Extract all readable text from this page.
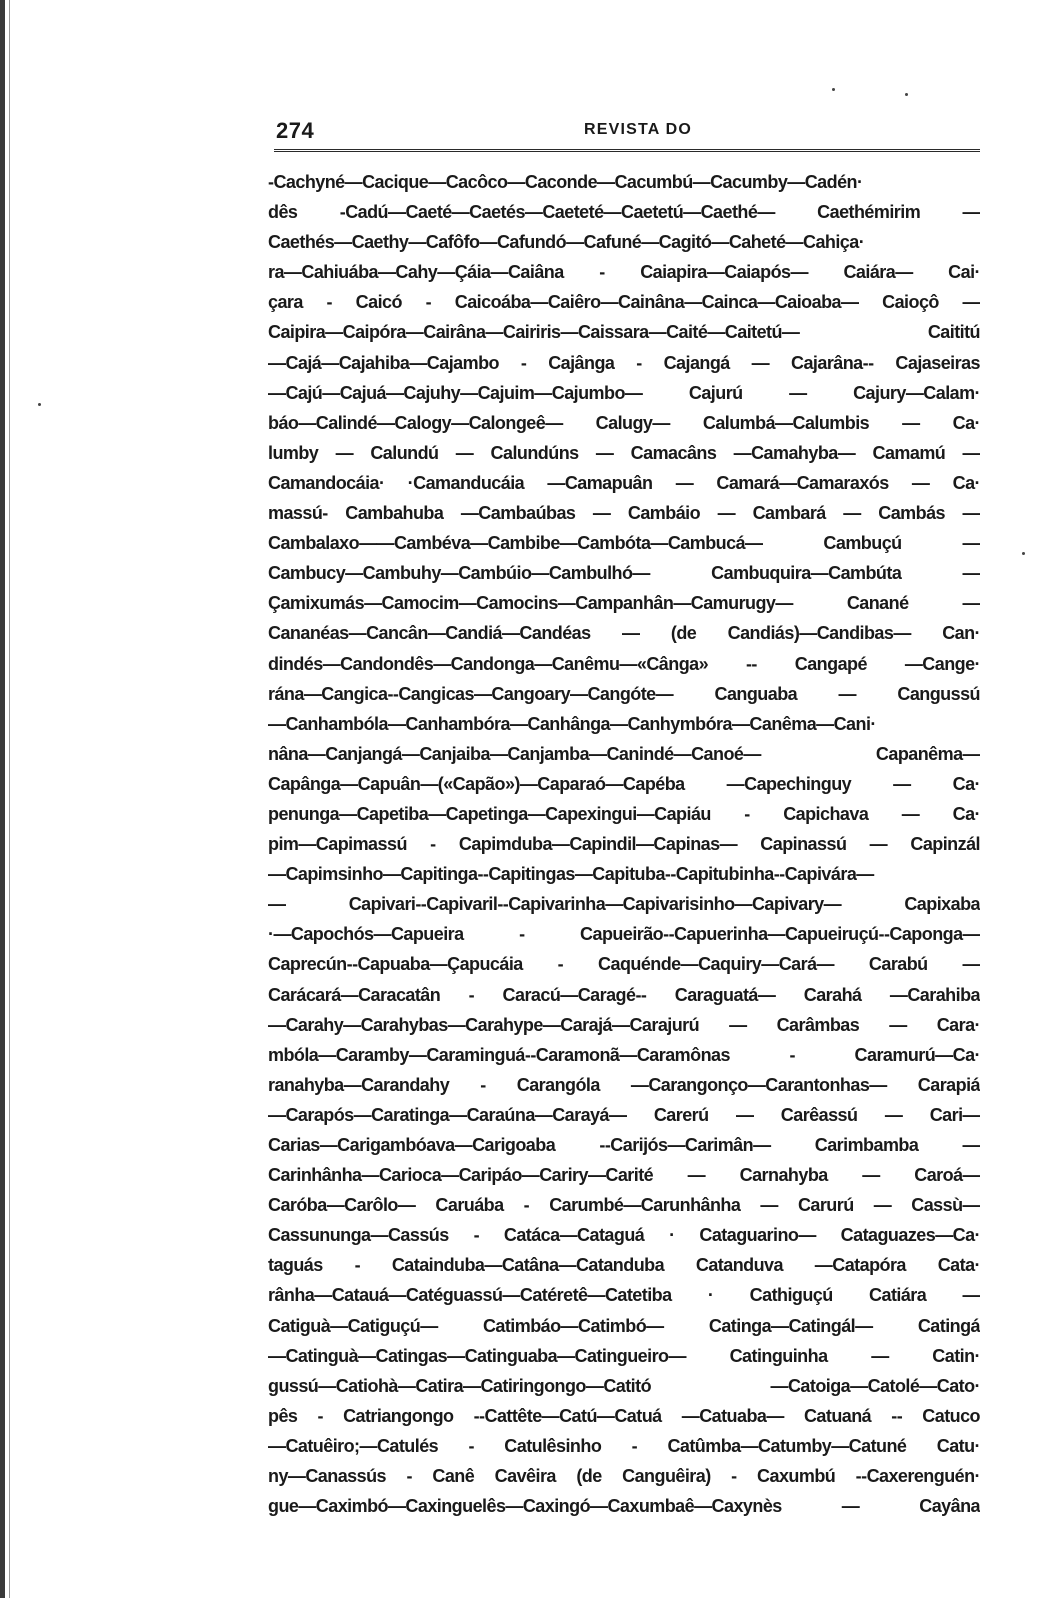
274	REVISTA DO
-Cachyné—Cacique—Cacôco—Caconde—Cacumbú—Cacumby—Cadén·
dês -Cadú—Caeté—Caetés—Caeteté—Caetetú—Caethé— Caethémirim —
Caethés—Caethy—Cafôfo—Cafundó—Cafuné—Cagitó—Caheté—Cahiça·
ra—Cahiuába—Cahy—Çáia—Caiâna - Caiapira—Caiapós— Caiára— Cai·
çara - Caicó - Caicoába—Caiêro—Cainâna—Cainca—Caioaba— Caioçô —
Caipira—Caipóra—Cairâna—Cairiris—Caissara—Caité—Caitetú— Caititú
—Cajá—Cajahiba—Cajambo - Cajânga - Cajangá — Cajarâna-- Cajaseiras
—Cajú—Cajuá—Cajuhy—Cajuim—Cajumbo— Cajurú — Cajury—Calam·
báo—Calindé—Calogy—Calongeê— Calugy— Calumbá—Calumbis — Ca·
lumby — Calundú — Calundúns — Camacâns —Camahyba— Camamú —
Camandocáia· ·Camanducáia —Camapuân — Camará—Camaraxós — Ca·
massú- Cambahuba —Cambaúbas — Cambáio — Cambará — Cambás —
Cambalaxo——Cambéva—Cambibe—Cambóta—Cambucá— Cambuçú —
Cambucy—Cambuhy—Cambúio—Cambulhó— Cambuquira—Cambúta —
Çamixumás—Camocim—Camocins—Campanhân—Camurugy— Canané —
Cananéas—Cancân—Candiá—Candéas — (de Candiás)—Candibas— Can·
dindés—Candondês—Candonga—Canêmu—«Cânga» -- Cangapé —Cange·
rána—Cangica--Cangicas—Cangoary—Cangóte— Canguaba — Cangussú
—Canhambóla—Canhambóra—Canhânga—Canhymbóra—Canêma—Cani·
nâna—Canjangá—Canjaiba—Canjamba—Canindé—Canoé— Capanêma—
Capânga—Capuân—(«Capão»)—Caparaó—Capéba —Capechinguy — Ca·
penunga—Capetiba—Capetinga—Capexingui—Capiáu - Capichava — Ca·
pim—Capimassú - Capimduba—Capindil—Capinas— Capinassú — Capinzál
—Capimsinho—Capitinga--Capitingas—Capituba--Capitubinha--Capivára—
— Capivari--Capivaril--Capivarinha—Capivarisinho—Capivary— Capixaba
·—Capochós—Capueira - Capueirão--Capuerinha—Capueiruçú--Caponga—
Caprecún--Capuaba—Çapucáia - Caquénde—Caquiry—Cará— Carabú —
Carácará—Caracatân - Caracú—Caragé-- Caraguatá— Carahá —Carahiba
—Carahy—Carahybas—Carahype—Carajá—Carajurú — Carâmbas — Cara·
mbóla—Caramby—Caraminguá--Caramonã—Caramônas - Caramurú—Ca·
ranahyba—Carandahy - Carangóla —Carangonço—Carantonhas— Carapiá
—Carapós—Caratinga—Caraúna—Carayá— Carerú — Carêassú — Cari—
Carias—Carigambóava—Carigoaba --Carijós—Carimân— Carimbamba —
Carinhânha—Carioca—Caripáo—Cariry—Carité — Carnahyba — Caroá—
Caróba—Carôlo— Caruába - Carumbé—Carunhânha — Carurú — Cassù—
Cassununga—Cassús - Catáca—Cataguá · Cataguarino— Cataguazes—Ca·
taguás - Catainduba—Catâna—Catanduba Catanduva —Catapóra Cata·
rânha—Catauá—Catéguassú—Catéretê—Catetiba · Cathiguçú Catiára —
Catiguà—Catiguçú— Catimbáo—Catimbó— Catinga—Catingál— Catingá
—Catinguà—Catingas—Catinguaba—Catingueiro— Catinguinha — Catin·
gussú—Catiohà—Catira—Catiringongo—Catitó —Catoiga—Catolé—Cato·
pês - Catriangongo --Cattête—Catú—Catuá —Catuaba— Catuaná -- Catuco
—Catuêiro;—Catulés - Catulêsinho - Catûmba—Catumby—Catuné Catu·
ny—Canassús - Canê Cavêira (de Canguêira) - Caxumbú --Caxerenguén·
gue—Caximbó—Caxinguelês—Caxingó—Caxumbaê—Caxynès — Cayâna
